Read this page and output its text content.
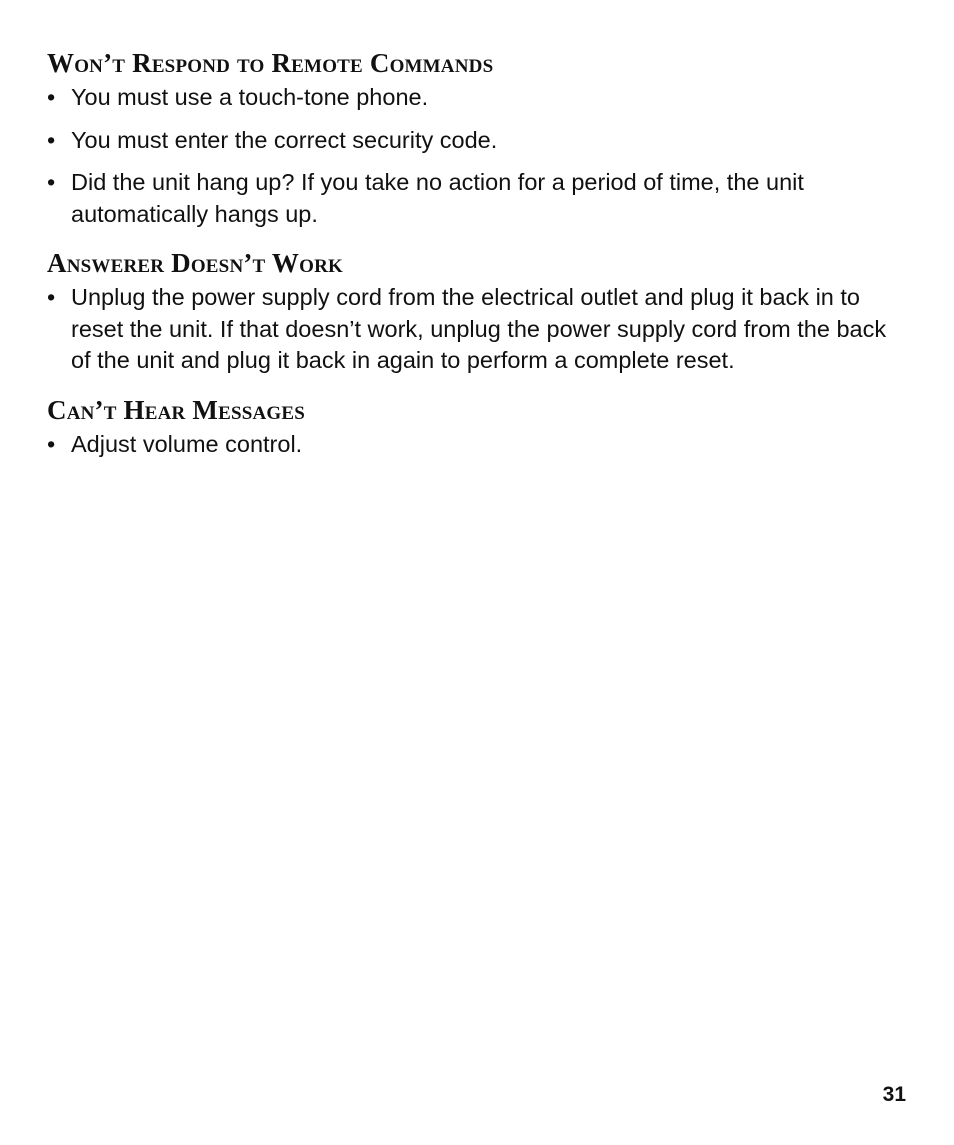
Won’t Respond to Remote Commands
• You must use a touch-tone phone.
• You must enter the correct security code.
• Did the unit hang up? If you take no action for a period of time, the unit automatically hangs up.
Answerer Doesn’t Work
• Unplug the power supply cord from the electrical outlet and plug it back in to reset the unit. If that doesn’t work, unplug the power supply cord from the back of the unit and plug it back in again to perform a complete reset.
Can’t Hear Messages
• Adjust volume control.
31
